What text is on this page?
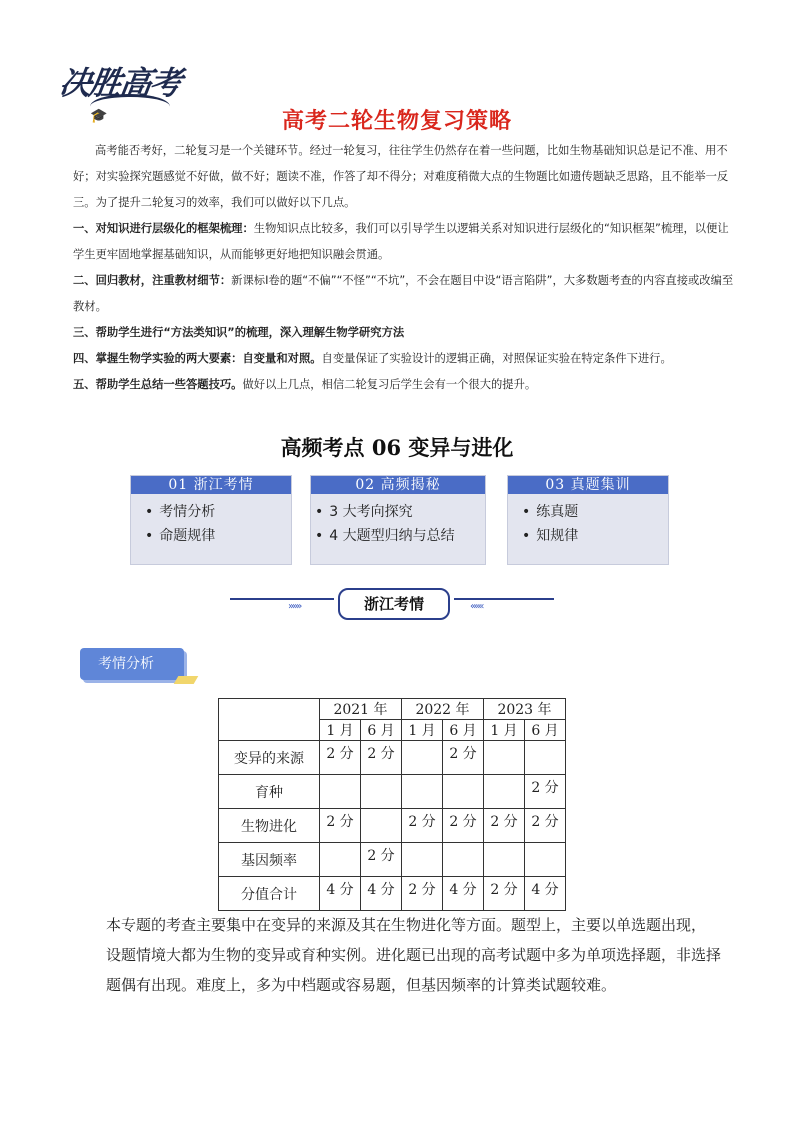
决胜高考
🎓	高考二轮生物复习策略

高考能否考好，二轮复习是一个关键环节。经过一轮复习，往往学生仍然存在着一些问题，比如生物基础知识总是记不准、用不好；对实验探究题感觉不好做，做不好；题读不准，作答了却不得分；对难度稍微大点的生物题比如遗传题缺乏思路，且不能举一反三。为了提升二轮复习的效率，我们可以做好以下几点。

一、对知识进行层级化的框架梳理：生物知识点比较多，我们可以引导学生以逻辑关系对知识进行层级化的“知识框架”梳理，以便让学生更牢固地掌握基础知识，从而能够更好地把知识融会贯通。

二、回归教材，注重教材细节：新课标Ⅰ卷的题“不偏”“不怪”“不坑”，不会在题目中设“语言陷阱”，大多数题考查的内容直接或改编至教材。

三、帮助学生进行“方法类知识”的梳理，深入理解生物学研究方法

四、掌握生物学实验的两大要素：自变量和对照。自变量保证了实验设计的逻辑正确，对照保证实验在特定条件下进行。

五、帮助学生总结一些答题技巧。做好以上几点，相信二轮复习后学生会有一个很大的提升。

高频考点 06 变异与进化
01 浙江考情
• 考情分析
• 命题规律
02 高频揭秘
• 3 大考向探究
• 4 大题型归纳与总结
03 真题集训
• 练真题
• 知规律
»»»	浙江考情	«««
考情分析
	2021 年		2022 年		2023 年	
	1 月	6 月	1 月	6 月	1 月	6 月
变异的来源	2 分	2 分		2 分		
育种						2 分
生物进化	2 分		2 分	2 分	2 分	2 分
基因频率		2 分				
分值合计	4 分	4 分	2 分	4 分	2 分	4 分
本专题的考查主要集中在变异的来源及其在生物进化等方面。题型上，主要以单选题出现，
设题情境大都为生物的变异或育种实例。进化题已出现的高考试题中多为单项选择题，非选择题偶有出现。难度上，多为中档题或容易题，但基因频率的计算类试题较难。
